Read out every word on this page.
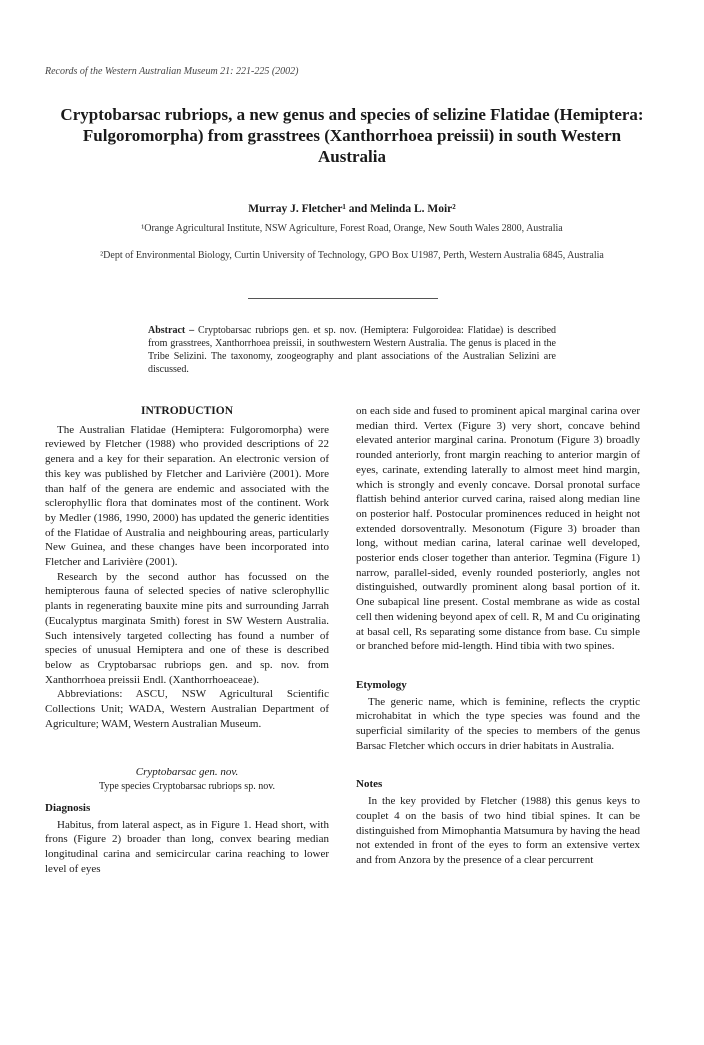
Records of the Western Australian Museum 21: 221-225 (2002)
Cryptobarsac rubriops, a new genus and species of selizine Flatidae (Hemiptera: Fulgoromorpha) from grasstrees (Xanthorrhoea preissii) in south Western Australia
Murray J. Fletcher¹ and Melinda L. Moir²
¹Orange Agricultural Institute, NSW Agriculture, Forest Road, Orange, New South Wales 2800, Australia
²Dept of Environmental Biology, Curtin University of Technology, GPO Box U1987, Perth, Western Australia 6845, Australia
Abstract – Cryptobarsac rubriops gen. et sp. nov. (Hemiptera: Fulgoroidea: Flatidae) is described from grasstrees, Xanthorrhoea preissii, in southwestern Western Australia. The genus is placed in the Tribe Selizini. The taxonomy, zoogeography and plant associations of the Australian Selizini are discussed.
INTRODUCTION

The Australian Flatidae (Hemiptera: Fulgoromorpha) were reviewed by Fletcher (1988) who provided descriptions of 22 genera and a key for their separation. An electronic version of this key was published by Fletcher and Larivière (2001). More than half of the genera are endemic and associated with the sclerophyllic flora that dominates most of the continent. Work by Medler (1986, 1990, 2000) has updated the generic identities of the Flatidae of Australia and neighbouring areas, particularly New Guinea, and these changes have been incorporated into Fletcher and Larivière (2001).

Research by the second author has focussed on the hemipterous fauna of selected species of native sclerophyllic plants in regenerating bauxite mine pits and surrounding Jarrah (Eucalyptus marginata Smith) forest in SW Western Australia. Such intensively targeted collecting has found a number of species of unusual Hemiptera and one of these is described below as Cryptobarsac rubriops gen. and sp. nov. from Xanthorrhoea preissii Endl. (Xanthorrhoeaceae).

Abbreviations: ASCU, NSW Agricultural Scientific Collections Unit; WADA, Western Australian Department of Agriculture; WAM, Western Australian Museum.

Cryptobarsac gen. nov.

Type species Cryptobarsac rubriops sp. nov.

Diagnosis

Habitus, from lateral aspect, as in Figure 1. Head short, with frons (Figure 2) broader than long, convex bearing median longitudinal carina and semicircular carina reaching to lower level of eyes

on each side and fused to prominent apical marginal carina over median third. Vertex (Figure 3) very short, concave behind elevated anterior marginal carina. Pronotum (Figure 3) broadly rounded anteriorly, front margin reaching to anterior margin of eyes, carinate, extending laterally to almost meet hind margin, which is strongly and evenly concave. Dorsal pronotal surface flattish behind anterior curved carina, raised along median line on posterior half. Postocular prominences reduced in height not extended dorsoventrally. Mesonotum (Figure 3) broader than long, without median carina, lateral carinae well developed, posterior ends closer together than anterior. Tegmina (Figure 1) narrow, parallel-sided, evenly rounded posteriorly, angles not distinguished, outwardly prominent along basal portion of it. One subapical line present. Costal membrane as wide as costal cell then widening beyond apex of cell. R, M and Cu originating at basal cell, Rs separating some distance from base. Cu simple or branched before mid-length. Hind tibia with two spines.

Etymology

The generic name, which is feminine, reflects the cryptic microhabitat in which the type species was found and the superficial similarity of the species to members of the genus Barsac Fletcher which occurs in drier habitats in Australia.

Notes

In the key provided by Fletcher (1988) this genus keys to couplet 4 on the basis of two hind tibial spines. It can be distinguished from Mimophantia Matsumura by having the head not extended in front of the eyes to form an extensive vertex and from Anzora by the presence of a clear percurrent
